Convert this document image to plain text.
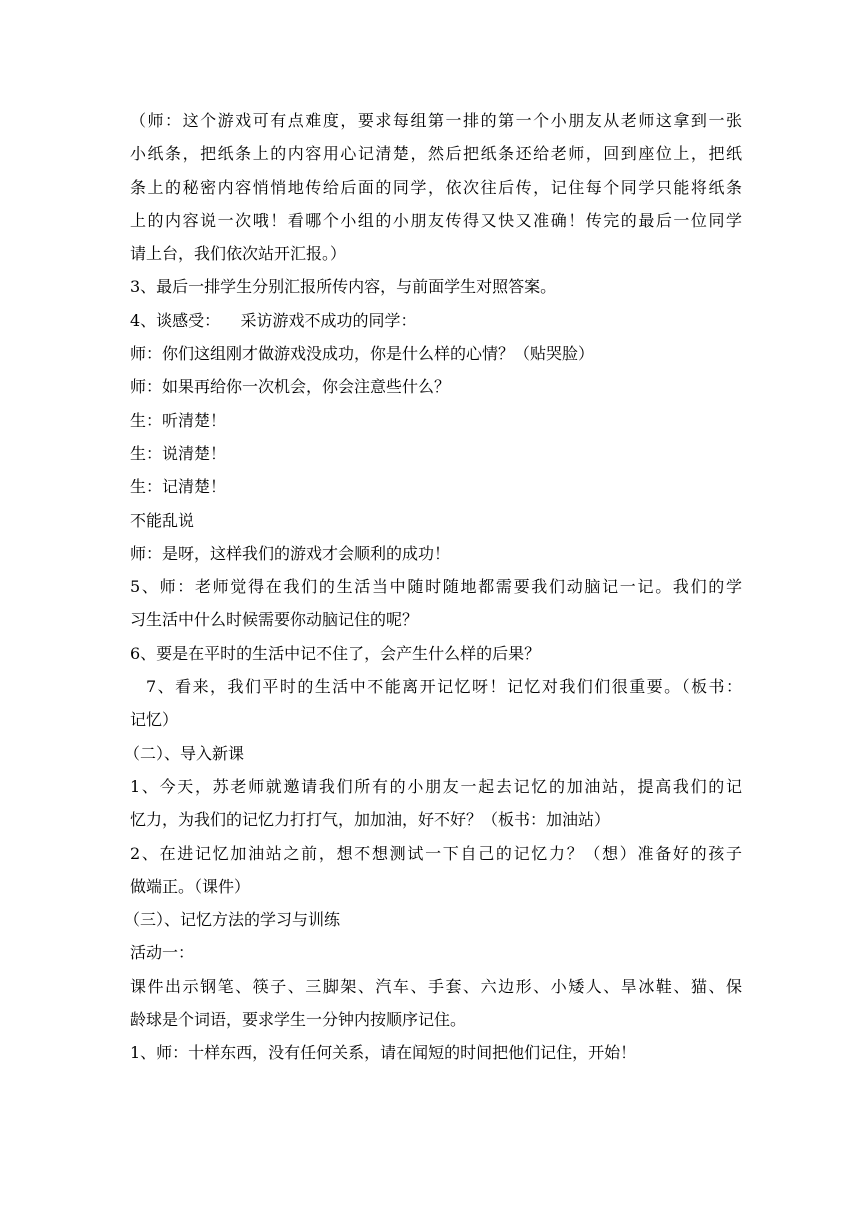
（师：这个游戏可有点难度，要求每组第一排的第一个小朋友从老师这拿到一张
小纸条，把纸条上的内容用心记清楚，然后把纸条还给老师，回到座位上，把纸
条上的秘密内容悄悄地传给后面的同学，依次往后传，记住每个同学只能将纸条
上的内容说一次哦！看哪个小组的小朋友传得又快又准确！传完的最后一位同学
请上台，我们依次站开汇报。）
3、最后一排学生分别汇报所传内容，与前面学生对照答案。
4、谈感受：    采访游戏不成功的同学：
师：你们这组刚才做游戏没成功，你是什么样的心情？（贴哭脸）
师：如果再给你一次机会，你会注意些什么？
生：听清楚！
生：说清楚！
生：记清楚！
不能乱说
师：是呀，这样我们的游戏才会顺利的成功！
5、师：老师觉得在我们的生活当中随时随地都需要我们动脑记一记。我们的学
习生活中什么时候需要你动脑记住的呢？
6、要是在平时的生活中记不住了，会产生什么样的后果？
7、看来，我们平时的生活中不能离开记忆呀！记忆对我们们很重要。（板书：
记忆）
（二）、导入新课
1、今天，苏老师就邀请我们所有的小朋友一起去记忆的加油站，提高我们的记
忆力，为我们的记忆力打打气，加加油，好不好？（板书：加油站）
2、在进记忆加油站之前，想不想测试一下自己的记忆力？（想）准备好的孩子
做端正。（课件）
（三）、记忆方法的学习与训练
活动一：
课件出示钢笔、筷子、三脚架、汽车、手套、六边形、小矮人、旱冰鞋、猫、保
龄球是个词语，要求学生一分钟内按顺序记住。
1、师：十样东西，没有任何关系，请在闻短的时间把他们记住，开始！
